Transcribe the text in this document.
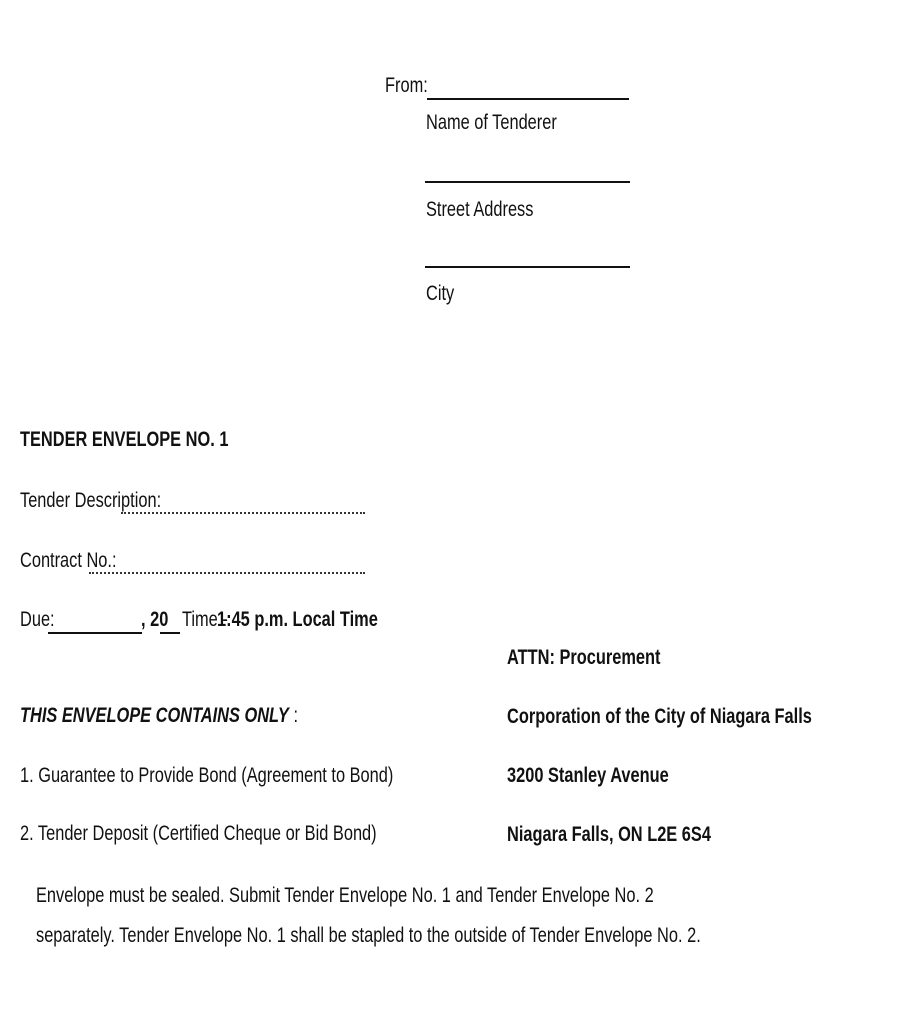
From:
Name of Tenderer
Street Address
City
TENDER ENVELOPE NO. 1
Tender Description:
Contract No.:
Due:	, 20 Time -
1:45 p.m. Local Time
THIS ENVELOPE CONTAINS ONLY :
1. Guarantee to Provide Bond (Agreement to Bond)
2. Tender Deposit (Certified Cheque or Bid Bond)
ATTN: Procurement
Corporation of the City of Niagara Falls
3200 Stanley Avenue
Niagara Falls, ON L2E 6S4
Envelope must be sealed. Submit Tender Envelope No. 1 and Tender Envelope No. 2
separately. Tender Envelope No. 1 shall be stapled to the outside of Tender Envelope No. 2.
